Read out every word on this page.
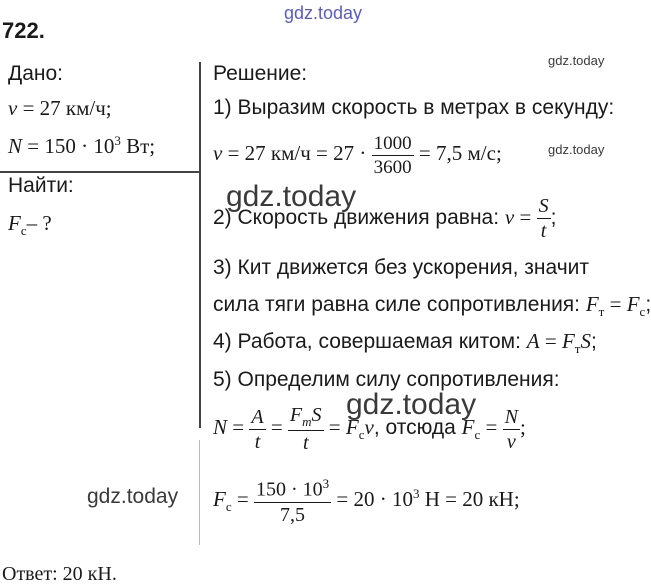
gdz.today
gdz.today
gdz.today
gdz.today
gdz.today
gdz.today
722.
Дано:
v = 27 км/ч;
$N = 150 \cdot 10^3$ Вт;
Найти:
$F_с-$ ?
Решение:
1) Выразим скорость в метрах в секунду:
v = 27 $км/ч = 27 \cdot \frac{1000}{3600} = 7,5$ м/с;
2) Скорость движения равна: $v = \frac{S}{t}$ ;
3) Кит движется без ускорения, значит
сила тяги равна силе сопротивления: $F_т = F_с$;
4) Работа, совершаемая китом: $A = F_тS$;
5) Определим силу сопротивления:
$N = \frac{A}{t} = \frac{F_тS}{t} = F_сv$, отсюда $F_с = \frac{N}{v}$ ;
$F_с = \frac{150 \cdot 10^3}{7,5} = 20 \cdot 10^3$ Н = 20 кН;
Ответ: 20 кН.
